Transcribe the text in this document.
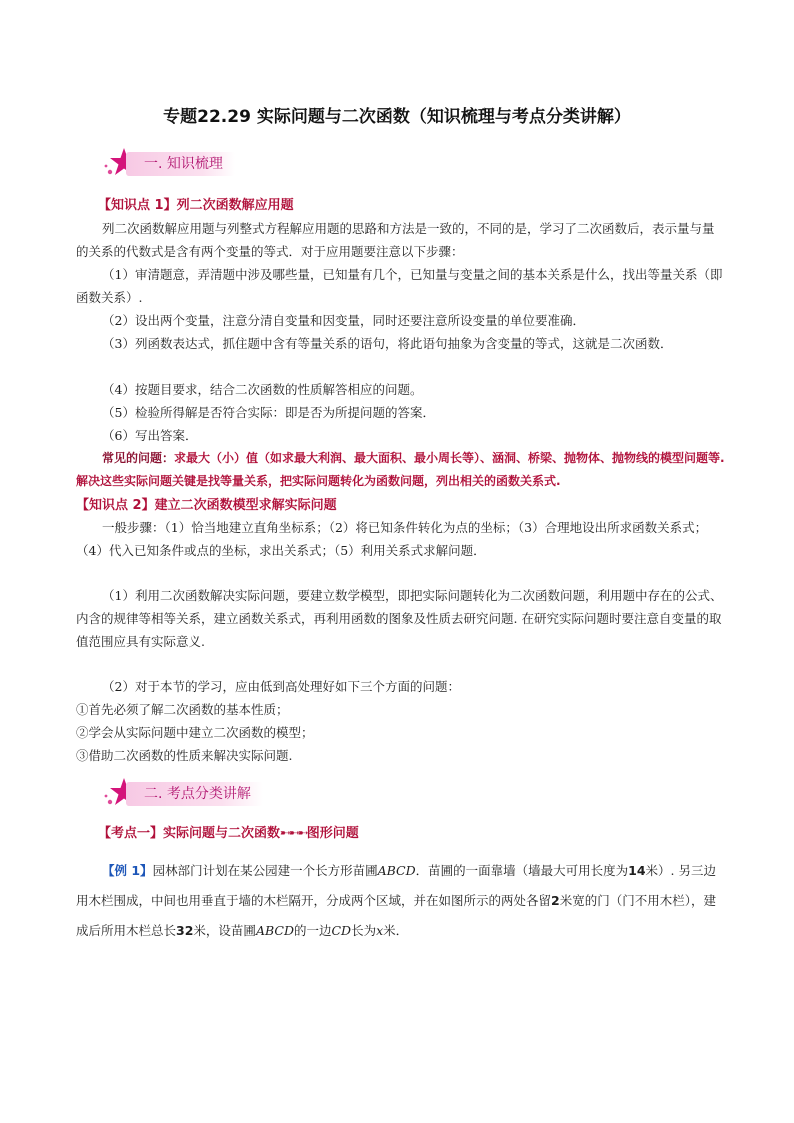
专题22.29 实际问题与二次函数（知识梳理与考点分类讲解）
一. 知识梳理
【知识点 1】列二次函数解应用题

列二次函数解应用题与列整式方程解应用题的思路和方法是一致的，不同的是，学习了二次函数后，表示量与量的关系的代数式是含有两个变量的等式．对于应用题要注意以下步骤：

（1）审清题意，弄清题中涉及哪些量，已知量有几个，已知量与变量之间的基本关系是什么，找出等量关系（即函数关系）.

（2）设出两个变量，注意分清自变量和因变量，同时还要注意所设变量的单位要准确．

（3）列函数表达式，抓住题中含有等量关系的语句，将此语句抽象为含变量的等式，这就是二次函数．

（4）按题目要求，结合二次函数的性质解答相应的问题。

（5）检验所得解是否符合实际：即是否为所提问题的答案．

（6）写出答案．

常见的问题：求最大（小）值（如求最大利润、最大面积、最小周长等）、涵洞、桥梁、抛物体、抛物线的模型问题等. 解决这些实际问题关键是找等量关系，把实际问题转化为函数问题，列出相关的函数关系式.

【知识点 2】建立二次函数模型求解实际问题

一般步骤：（1）恰当地建立直角坐标系；（2）将已知条件转化为点的坐标；（3）合理地设出所求函数关系式；（4）代入已知条件或点的坐标，求出关系式；（5）利用关系式求解问题．

（1）利用二次函数解决实际问题，要建立数学模型，即把实际问题转化为二次函数问题，利用题中存在的公式、内含的规律等相等关系，建立函数关系式，再利用函数的图象及性质去研究问题. 在研究实际问题时要注意自变量的取值范围应具有实际意义.

（2）对于本节的学习，应由低到高处理好如下三个方面的问题：

①首先必须了解二次函数的基本性质；

②学会从实际问题中建立二次函数的模型；

③借助二次函数的性质来解决实际问题.

二. 考点分类讲解
【考点一】实际问题与二次函数➸➸➸图形问题

【例 1】园林部门计划在某公园建一个长方形苗圃ABCD．苗圃的一面靠墙（墙最大可用长度为14米）. 另三边用木栏围成，中间也用垂直于墙的木栏隔开，分成两个区域，并在如图所示的两处各留2米宽的门（门不用木栏），建成后所用木栏总长32米，设苗圃ABCD的一边CD长为x米．
